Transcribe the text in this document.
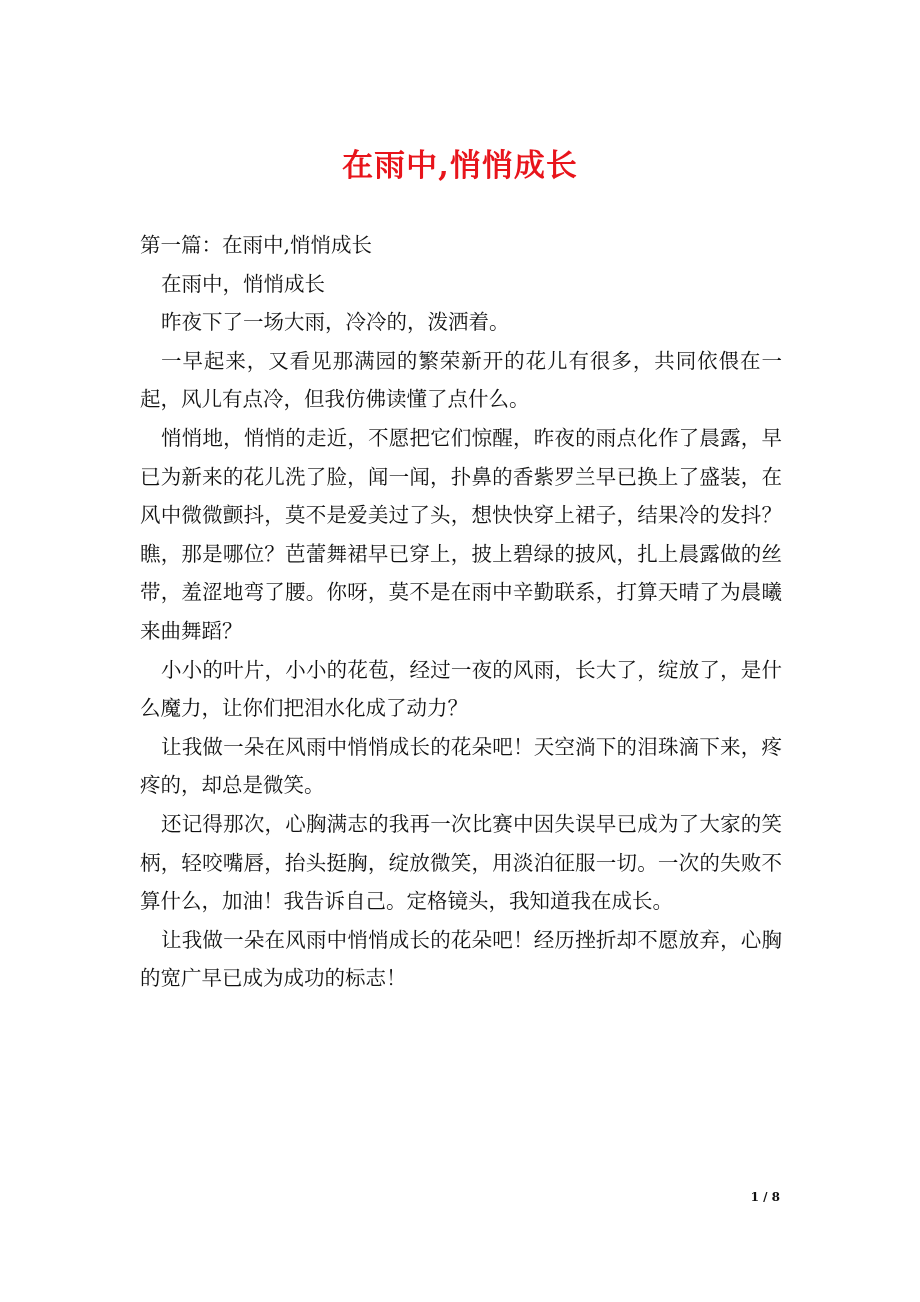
在雨中,悄悄成长

第一篇：在雨中,悄悄成长

在雨中，悄悄成长

昨夜下了一场大雨，冷冷的，泼洒着。

一早起来，又看见那满园的繁荣新开的花儿有很多，共同依偎在一起，风儿有点冷，但我仿佛读懂了点什么。

悄悄地，悄悄的走近，不愿把它们惊醒，昨夜的雨点化作了晨露，早已为新来的花儿洗了脸，闻一闻，扑鼻的香紫罗兰早已换上了盛装，在风中微微颤抖，莫不是爱美过了头，想快快穿上裙子，结果冷的发抖？瞧，那是哪位？芭蕾舞裙早已穿上，披上碧绿的披风，扎上晨露做的丝带，羞涩地弯了腰。你呀，莫不是在雨中辛勤联系，打算天晴了为晨曦来曲舞蹈？

小小的叶片，小小的花苞，经过一夜的风雨，长大了，绽放了，是什么魔力，让你们把泪水化成了动力？

让我做一朵在风雨中悄悄成长的花朵吧！天空淌下的泪珠滴下来，疼疼的，却总是微笑。

还记得那次，心胸满志的我再一次比赛中因失误早已成为了大家的笑柄，轻咬嘴唇，抬头挺胸，绽放微笑，用淡泊征服一切。一次的失败不算什么，加油！我告诉自己。定格镜头，我知道我在成长。

让我做一朵在风雨中悄悄成长的花朵吧！经历挫折却不愿放弃，心胸的宽广早已成为成功的标志！

1 / 8
